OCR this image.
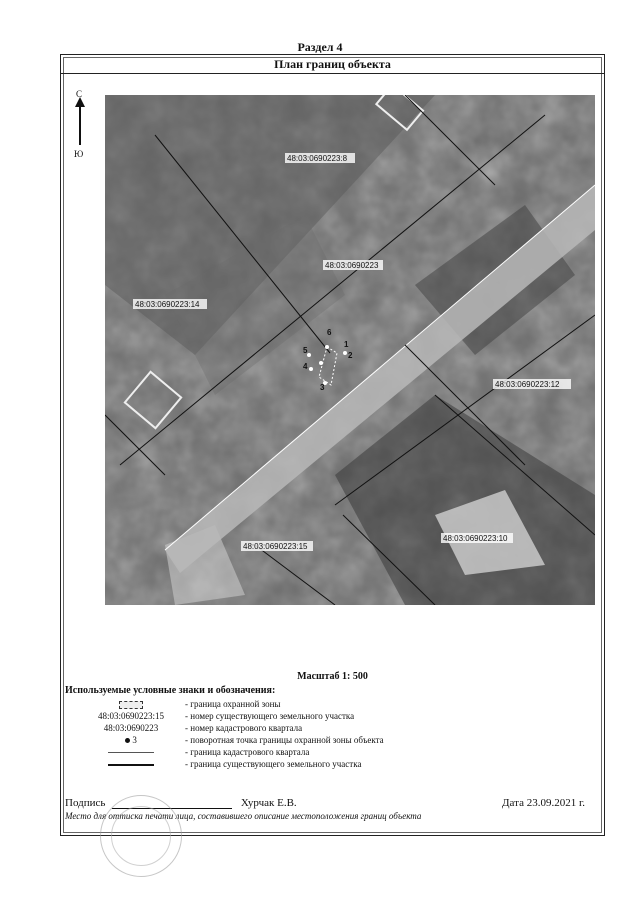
Раздел 4
План границ объекта
С
Ю
6
1
2
5
4
3
48:03:0690223:8
48:03:0690223
48:03:0690223:14
48:03:0690223:12
48:03:0690223:15
48:03:0690223:10
Масштаб 1: 500
Используемые условные знаки и обозначения:
- граница охранной зоны
48:03:0690223:15	- номер существующего земельного участка
48:03:0690223	- номер кадастрового квартала
3	- поворотная точка границы охранной зоны объекта
- граница кадастрового квартала
- граница существующего земельного участка
Подпись	Хурчак Е.В.	Дата 23.09.2021 г.
Место для оттиска печати лица, составившего описание местоположения границ объекта
